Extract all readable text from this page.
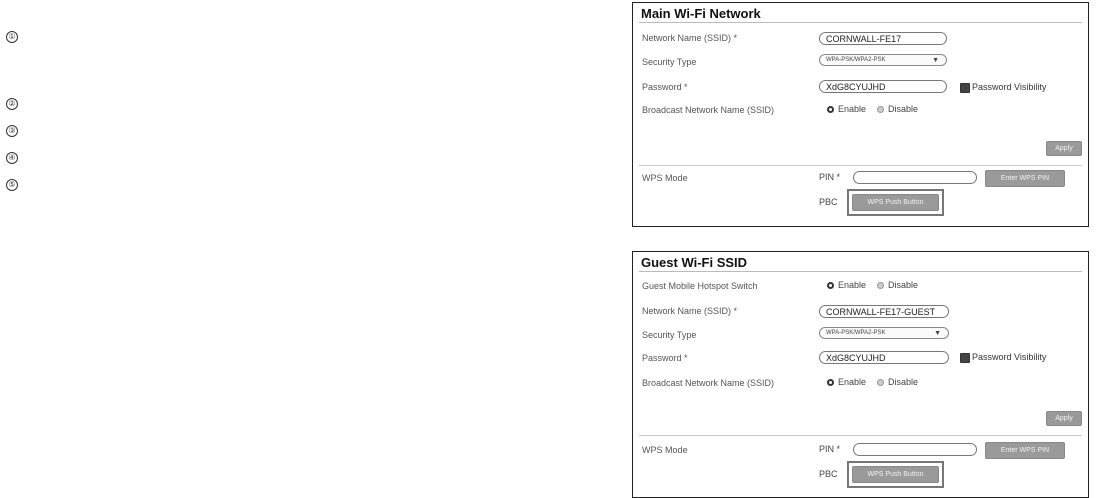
①
②
③
④
⑤
Main Wi-Fi Network
Network Name (SSID) *	CORNWALL-FE17
Security Type	WPA-PSK/WPA2-PSK	▼
Password *	XdG8CYUJHD	Password Visibility
Broadcast Network Name (SSID)	Enable Disable
Apply
WPS Mode	PIN *	Enter WPS PIN
PBC	WPS Push Button
Guest Wi-Fi SSID
Guest Mobile Hotspot Switch	Enable Disable
Network Name (SSID) *	CORNWALL-FE17-GUEST
Security Type	WPA-PSK/WPA2-PSK	▼
Password *	XdG8CYUJHD	Password Visibility
Broadcast Network Name (SSID)	Enable Disable
Apply
WPS Mode	PIN *	Enter WPS PIN
PBC	WPS Push Button
